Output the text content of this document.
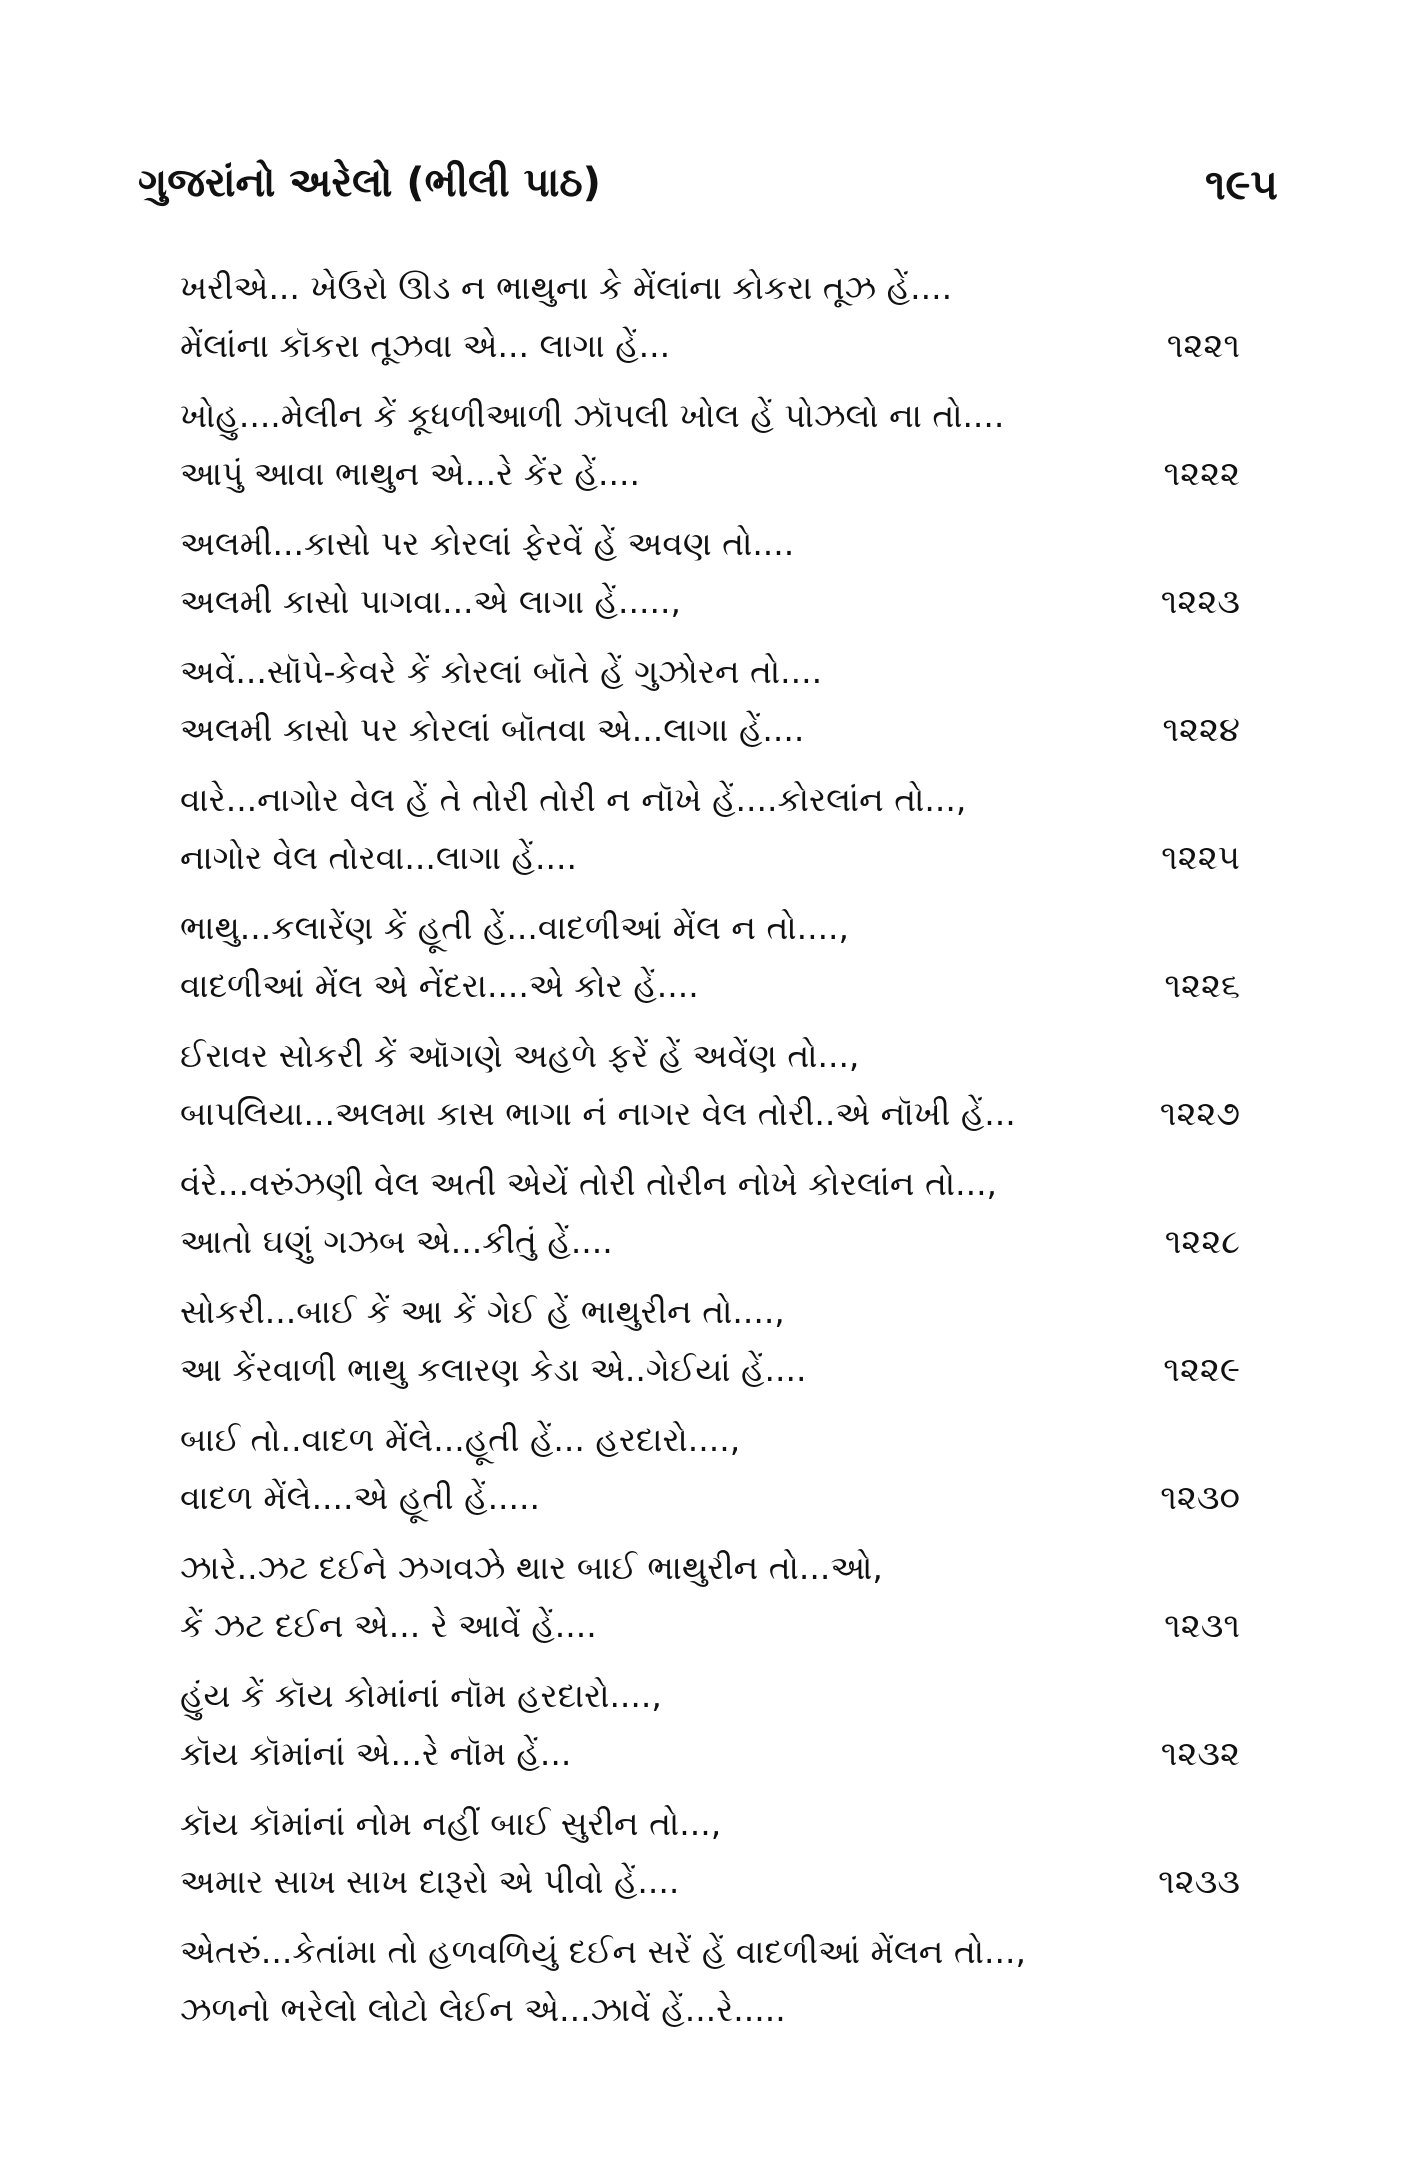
ગુજરાંનો અરેલો (ભીલી પાઠ)	૧૯૫
ખરીએ... ખેઉરો ઊડ ન ભાથુના કે મેંલાંના કોકરા તૂઝ હેં....
મેંલાંના કૉકરા તૂઝવા એ... લાગા હેં...	૧૨૨૧
ખોહુ....મેલીન કેં કૂધળીઆળી ઝૉપલી ખોલ હેં પોઝલો ના તો....
આપું આવા ભાથુન એ...રે કેંર હેં....	૧૨૨૨
અલમી...કાસો પર કોરલાં ફેરવેં હેં અવણ તો....
અલમી કાસો પાગવા...એ લાગા હેં.....,	૧૨૨૩
અવેં...સૉપે-કેવરે કેં કોરલાં બૉતે હેં ગુઝોરન તો....
અલમી કાસો પર કોરલાં બૉતવા એ...લાગા હેં....	૧૨૨૪
વારે...નાગોર વેલ હેં તે તોરી તોરી ન નૉખે હેં....કોરલાંન તો...,
નાગોર વેલ તોરવા...લાગા હેં....	૧૨૨૫
ભાથુ...કલારેંણ કેં હૂતી હેં...વાદળીઆં મેંલ ન તો....,
વાદળીઆં મેંલ એ નેંદરા....એ કોર હેં....	૧૨૨૬
ઈરાવર સોકરી કેં ઑગણે અહળે ફરેં હેં અવેંણ તો...,
બાપલિયા...અલમા કાસ ભાગા નં નાગર વેલ તોરી..એ નૉખી હેં...	૧૨૨૭
વંરે...વરુંઝણી વેલ અતી એયેં તોરી તોરીન નોખે કોરલાંન તો...,
આતો ઘણું ગઝબ એ...કીતું હેં....	૧૨૨૮
સોકરી...બાઈ કેં આ કેં ગેઈ હેં ભાથુરીન તો....,
આ કેંરવાળી ભાથુ કલારણ કેડા એ..ગેઈયાં હેં....	૧૨૨૯
બાઈ તો..વાદળ મેંલે...હૂતી હેં... હરદારો....,
વાદળ મેંલે....એ હૂતી હેં.....	૧૨૩૦
ઝારે..ઝટ દઈને ઝગવઝે થાર બાઈ ભાથુરીન તો...ઓ,
કેં ઝટ દઈન એ... રે આવેં હેં....	૧૨૩૧
હુંય કેં કૉય કોમાંનાં નૉમ હરદારો....,
કૉય કૉમાંનાં એ...રે નૉમ હેં...	૧૨૩૨
કૉય કૉમાંનાં નોમ નહીં બાઈ સુરીન તો...,
અમાર સાખ સાખ દારૂરો એ પીવો હેં....	૧૨૩૩
એતરું...કેતાંમા તો હળવળિયું દઈન સરેં હેં વાદળીઆં મેંલન તો...,
ઝળનો ભરેલો લોટો લેઈન એ...ઝાવેં હેં...રે.....
